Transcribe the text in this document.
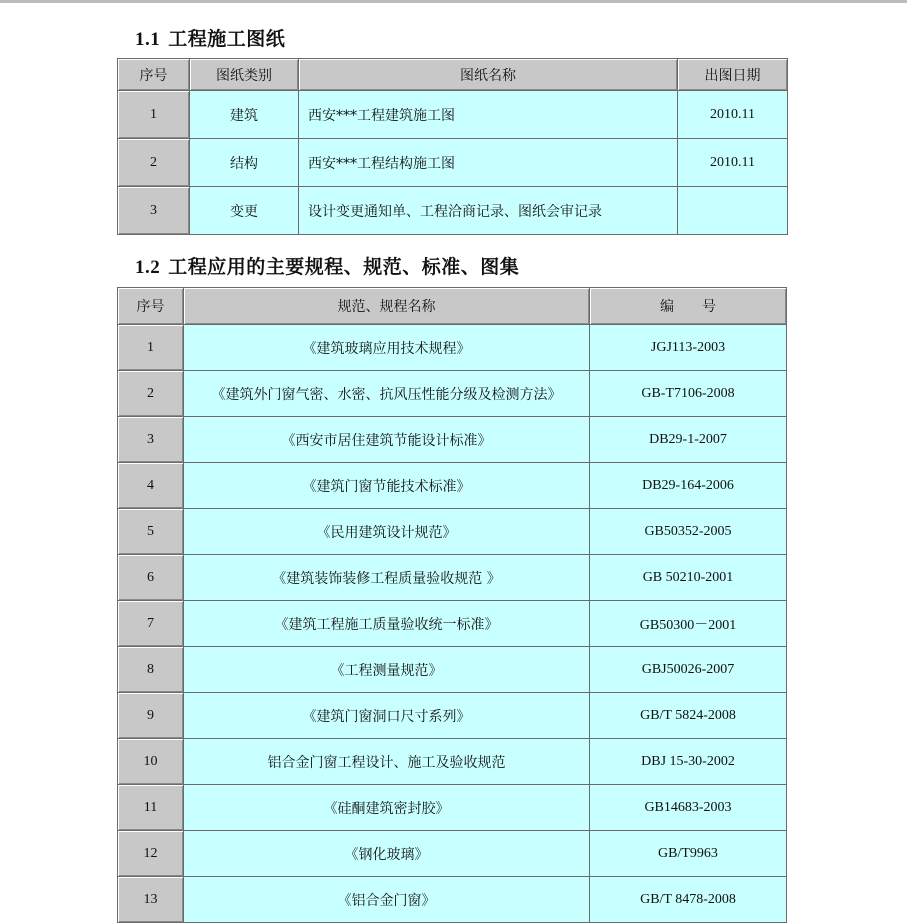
1.1 工程施工图纸
序号	图纸类别	图纸名称	出图日期
1	建筑	西安***工程建筑施工图	2010.11
2	结构	西安***工程结构施工图	2010.11
3	变更	设计变更通知单、工程洽商记录、图纸会审记录	
1.2 工程应用的主要规程、规范、标准、图集
序号	规范、规程名称	编　　号
1	《建筑玻璃应用技术规程》	JGJ113-2003
2	《建筑外门窗气密、水密、抗风压性能分级及检测方法》	GB-T7106-2008
3	《西安市居住建筑节能设计标准》	DB29-1-2007
4	《建筑门窗节能技术标准》	DB29-164-2006
5	《民用建筑设计规范》	GB50352-2005
6	《建筑装饰装修工程质量验收规范 》	GB 50210-2001
7	《建筑工程施工质量验收统一标准》	GB50300－2001
8	《工程测量规范》	GBJ50026-2007
9	《建筑门窗洞口尺寸系列》	GB/T 5824-2008
10	铝合金门窗工程设计、施工及验收规范	DBJ 15-30-2002
11	《硅酮建筑密封胶》	GB14683-2003
12	《钢化玻璃》	GB/T9963
13	《铝合金门窗》	GB/T 8478-2008
